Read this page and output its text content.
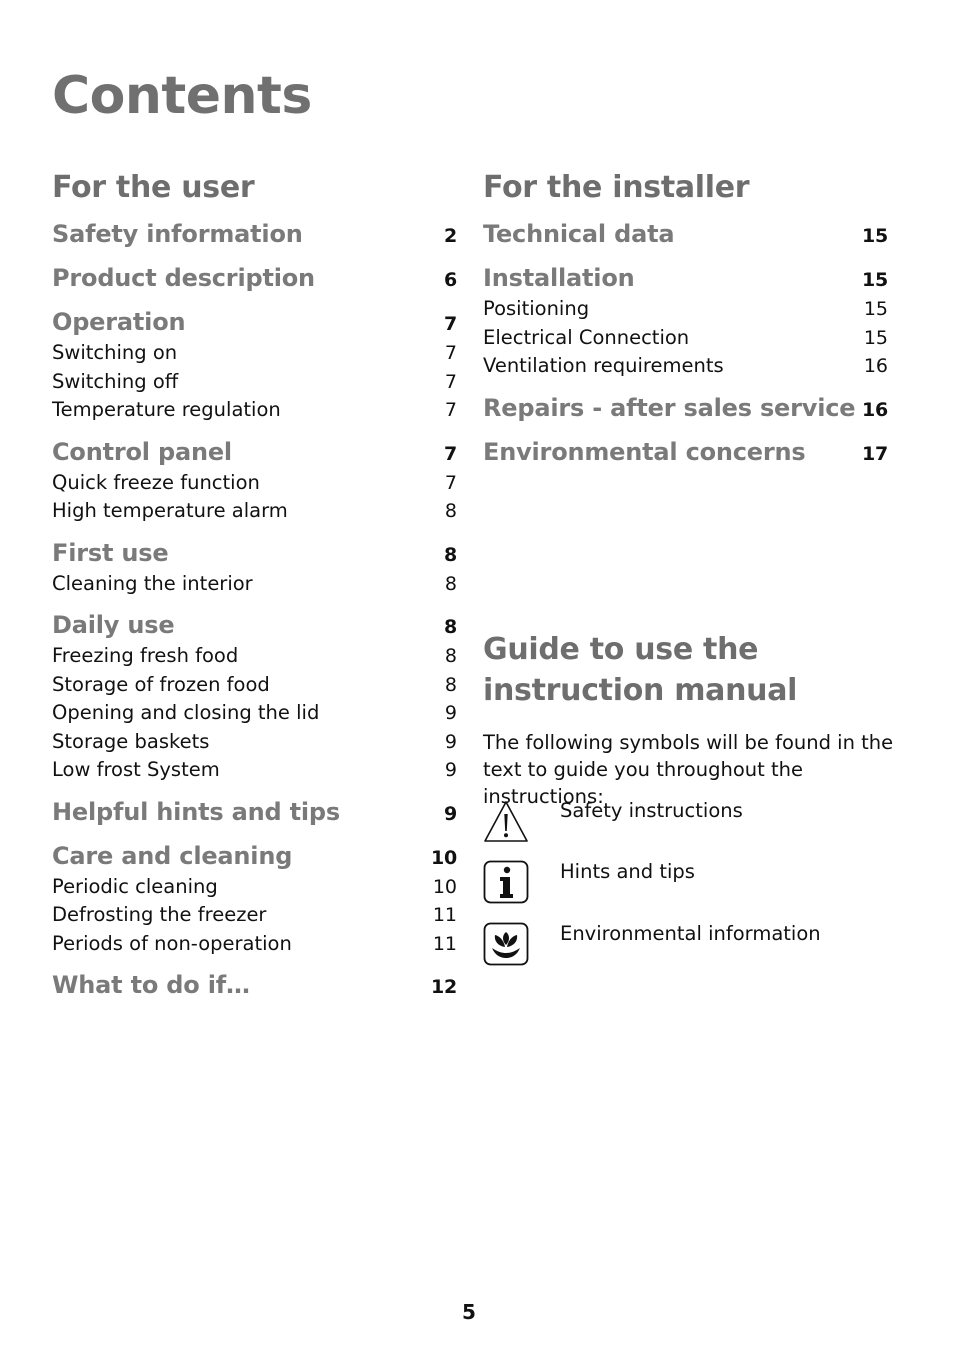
Contents
For the user
Safety information	2
Product description	6
Operation	7
Switching on	7
Switching off	7
Temperature regulation	7
Control panel	7
Quick freeze function	7
High temperature alarm	8
First use	8
Cleaning the interior	8
Daily use	8
Freezing fresh food	8
Storage of frozen food	8
Opening and closing the lid	9
Storage baskets	9
Low frost System	9
Helpful hints and tips	9
Care and cleaning	10
Periodic cleaning	10
Defrosting the freezer	11
Periods of non-operation	11
What to do if…	12
For the installer
Technical data	15
Installation	15
Positioning	15
Electrical Connection	15
Ventilation requirements	16
Repairs - after sales service 16
Environmental concerns	17
Guide to use the
instruction manual

The following symbols will be found in the text to guide you throughout the instructions:

Safety instructions
Hints and tips
Environmental information
5
